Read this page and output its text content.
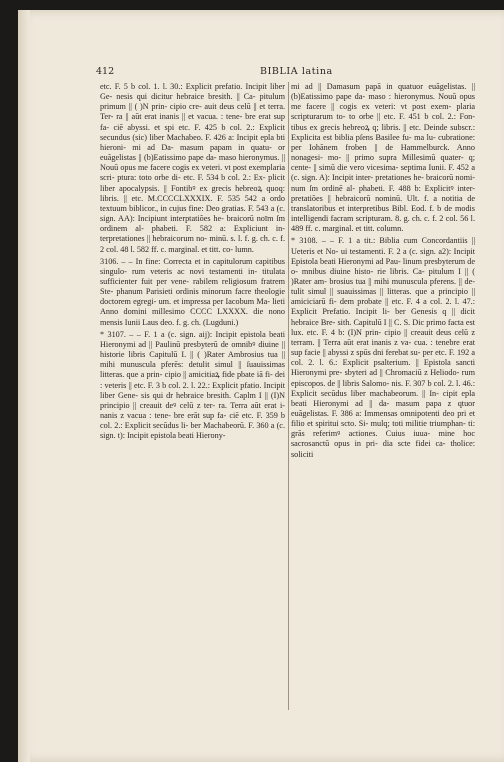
412	BIBLIA latina

etc. F. 5 b col. 1. l. 30.: Explicit prefatio. Incipit liber Ge- nesis qui dicitur hebraice bresith. || Ca- pitulum primum || ( )N prin- cipio cre- auit deus celū || et terra. Ter- ra || aūt erat inanis || et vacua. : tene- bre erat sup fa- ciē abyssi. et spi etc. F. 425 b col. 2.: Explicit secundus (sic) liber Machabeo. F. 426 a: Incipit epla bti hieroni- mi ad Da- masum papam in quatu- or euãgelistas || (b)Eatissimo pape da- maso hieronymus. || Nouū opus me facere cogis ex veteri. vt post exemplaria scri- ptura: toto orbe di- etc. F. 534 b col. 2.: Ex- plicit liber apocalypsis. || Fontibꝰ ex grecis hebreoꝝ quoq: libris. || etc. M.CCCCLXXXIX. F. 535 542 a ordo textuum biblicor., in cujus fine: Deo gratias. F. 543 a (c. sign. AA): Incipiunt interptatiões he- braicorū noīm ſm ordinem al- phabeti. F. 582 a: Expliciunt in- terpretationes || hebraicorum no- minū. s. l. f. g. ch. c. f. 2 col. 48 l. 582 ff. c. marginal. et titt. co- lumn.

3106. – – In fine: Correcta et in capitulorum capitibus singulo- rum veteris ac novi testamenti in- titulata sufficienter fuit per vene- rabilem religiosum fratrem Ste- phanum Parisieti ordinis minorum facre theologie doctorem egregi- um. et impressa per Iacobum Ma- lieti Anno domini millesimo CCCC LXXXX. die nono mensis Iunii Laus deo. f. g. ch. (Lugduni.)

* 3107. – – F. 1 a (c. sign. aij): Incipit epistola beati Hieronymi ad || Paulinū presbyterū de omnibꝰ diuine || historie libris Capitulū I. || ( )Rater Ambrosius tua || mihi munuscula pferēs: detulit simul || ſuauissimas litteras. que a prin- cipio || amicitiaꝝ fide pbate iā fi- dei : veteris || etc. F. 3 b col. 2. l. 22.: Explicit pfatio. Incipit liber Gene- sis qui dr hebraice bresith. Caplm I || (I)N principio || creauit deꝰ celū z ter- ra. Terra aūt erat i- nanis z vacua : tene- bre erāt sup fa- ciē etc. F. 359 b col. 2.: Explicit secūdus li- ber Machabeorū. F. 360 a (c. sign. t): Incipit epistola beati Hierony-

mi ad || Damasum papā in quatuor euãgelistas. || (b)Eatissimo pape da- maso : hieronymus. Nouū opus me facere || cogis ex veteri: vt post exem- plaria scripturarum to- to orbe || etc. F. 451 b col. 2.: Fon- tibus ex grecis hebreoꝝ q; libris. || etc. Deinde subscr.: Explicita est biblia pſens Basilee fu- ma lu- cubratione: per Iohānem froben || de Hammelburck. Anno nonagesi- mo- || primo supra Millesimū quater- q; cente- || simū die vero vicesima- septima Iunii. F. 452 a (c. sign. A): Incipit inter- pretationes he- braicorū nomi- num ſm ordinē al- phabeti. F. 488 b: Explicitꝰ inter- pretatiões || hebraicorū nominū. Ult. f. a notitia de translatoribus et interpretibus Bibl. Eod. f. b de modis intelligendi facram scripturam. 8. g. ch. c. f. 2 col. 56 l. 489 ff. c. marginal. et titt. column.

* 3108. – – F. 1 a tit.: Biblia cum Concordantiis || Ueteris et No- ui testamenti. F. 2 a (c. sign. a2): Incipit Epistola beati Hieronymi ad Pau- linum presbyterum de o- mnibus diuine histo- rie libris. Ca- pitulum I || ( )Rater am- brosius tua || mihi munuscula pferens. || de- tulit simul || suauissimas || litteras. que a principio || amiciciarū fi- dem probate || etc. F. 4 a col. 2. l. 47.: Explicit Prefatio. Incipit li- ber Genesis q || dicit hebraice Bre- sith. Capitulū I || C. S. Dic primo facta est lux. etc. F. 4 b: (I)N prin- cipio || creauit deus celū z terram. || Terra aūt erat inanis z va- cua. : tenebre erat sup facie || abyssi z spūs dni ferebat su- per etc. F. 192 a col. 2. l. 6.: Explicit psalterium. || Epistola sancti Hieronymi pre- sbyteri ad || Chromaciū z Heliodo- rum episcopos. de || libris Salomo- nis. F. 307 b col. 2. l. 46.: Explicit secūdus liber machabeorum. || In- cipit epla beati Hieronymi ad || da- masum papa z qtuor euãgelistas. F. 386 a: Immensas omnipotenti deo pri et filio et spiritui scto. Si- mulq; toti militie triumphan- ti: grās referimꝰ actiones. Cuius iuua- mine hoc sacrosanctū opus in pri- dia scte fidei ca- tholice: soliciti
